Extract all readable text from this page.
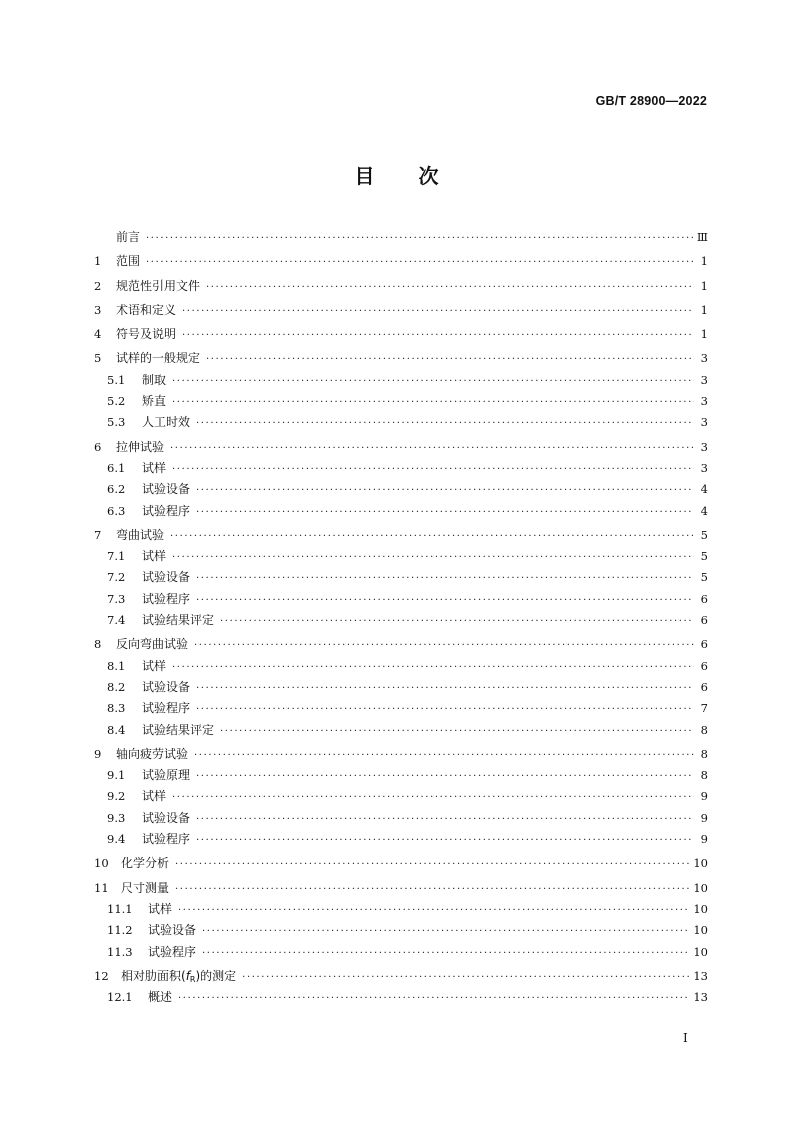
GB/T 28900—2022
目次
前言 ·····	Ⅲ
1	范围 ·····	1
2	规范性引用文件 ·····	1
3	术语和定义 ·····	1
4	符号及说明 ·····	1
5	试样的一般规定 ·····	3
5.1	制取 ·····	3
5.2	矫直 ·····	3
5.3	人工时效 ·····	3
6	拉伸试验 ·····	3
6.1	试样 ·····	3
6.2	试验设备 ·····	4
6.3	试验程序 ·····	4
7	弯曲试验 ·····	5
7.1	试样 ·····	5
7.2	试验设备 ·····	5
7.3	试验程序 ·····	6
7.4	试验结果评定 ·····	6
8	反向弯曲试验 ·····	6
8.1	试样 ·····	6
8.2	试验设备 ·····	6
8.3	试验程序 ·····	7
8.4	试验结果评定 ·····	8
9	轴向疲劳试验 ·····	8
9.1	试验原理 ·····	8
9.2	试样 ·····	9
9.3	试验设备 ·····	9
9.4	试验程序 ·····	9
10	化学分析 ·····	10
11	尺寸测量 ·····	10
11.1	试样 ·····	10
11.2	试验设备 ·····	10
11.3	试验程序 ·····	10
12	相对肋面积(fR)的测定 ·····	13
12.1	概述 ·····	13
I
